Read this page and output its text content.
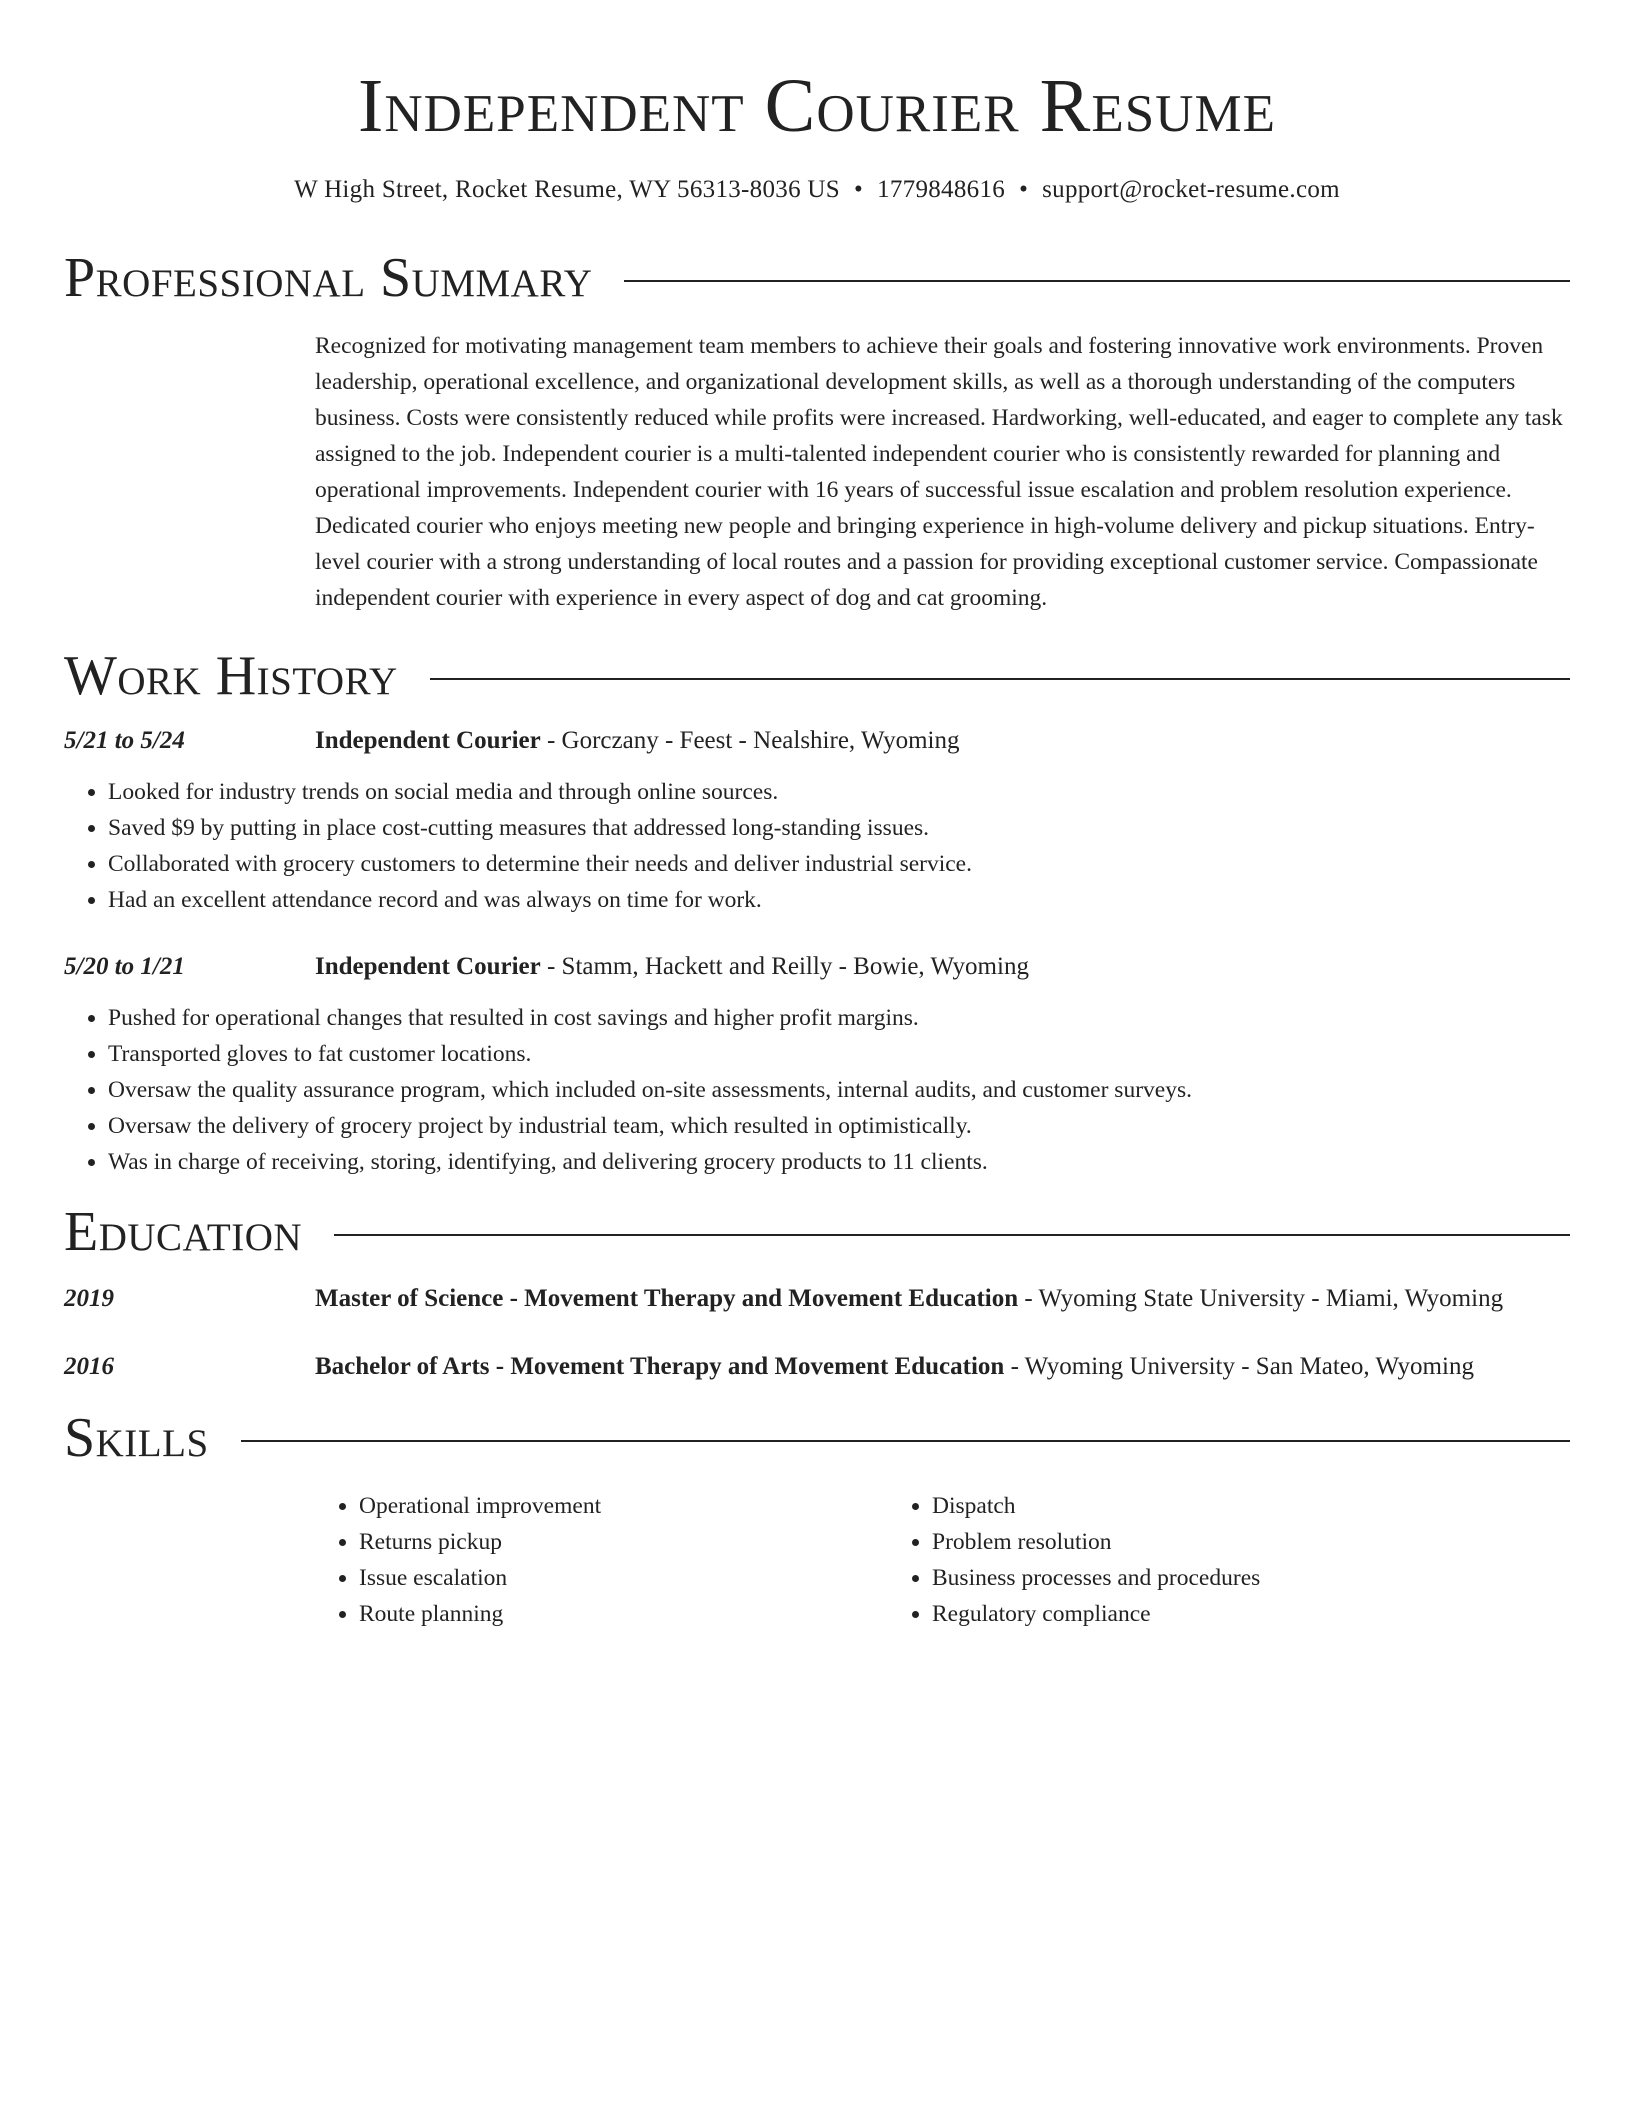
Independent Courier Resume
W High Street, Rocket Resume, WY 56313-8036 US • 1779848616 • support@rocket-resume.com
Professional Summary
Recognized for motivating management team members to achieve their goals and fostering innovative work environments. Proven leadership, operational excellence, and organizational development skills, as well as a thorough understanding of the computers business. Costs were consistently reduced while profits were increased. Hardworking, well-educated, and eager to complete any task assigned to the job. Independent courier is a multi-talented independent courier who is consistently rewarded for planning and operational improvements. Independent courier with 16 years of successful issue escalation and problem resolution experience. Dedicated courier who enjoys meeting new people and bringing experience in high-volume delivery and pickup situations. Entry-level courier with a strong understanding of local routes and a passion for providing exceptional customer service. Compassionate independent courier with experience in every aspect of dog and cat grooming.
Work History
5/21 to 5/24	Independent Courier - Gorczany - Feest - Nealshire, Wyoming
• Looked for industry trends on social media and through online sources.
• Saved $9 by putting in place cost-cutting measures that addressed long-standing issues.
• Collaborated with grocery customers to determine their needs and deliver industrial service.
• Had an excellent attendance record and was always on time for work.
5/20 to 1/21	Independent Courier - Stamm, Hackett and Reilly - Bowie, Wyoming
• Pushed for operational changes that resulted in cost savings and higher profit margins.
• Transported gloves to fat customer locations.
• Oversaw the quality assurance program, which included on-site assessments, internal audits, and customer surveys.
• Oversaw the delivery of grocery project by industrial team, which resulted in optimistically.
• Was in charge of receiving, storing, identifying, and delivering grocery products to 11 clients.
Education
2019	Master of Science - Movement Therapy and Movement Education - Wyoming State University - Miami, Wyoming
2016	Bachelor of Arts - Movement Therapy and Movement Education - Wyoming University - San Mateo, Wyoming
Skills
• Operational improvement
• Returns pickup
• Issue escalation
• Route planning
• Dispatch
• Problem resolution
• Business processes and procedures
• Regulatory compliance
